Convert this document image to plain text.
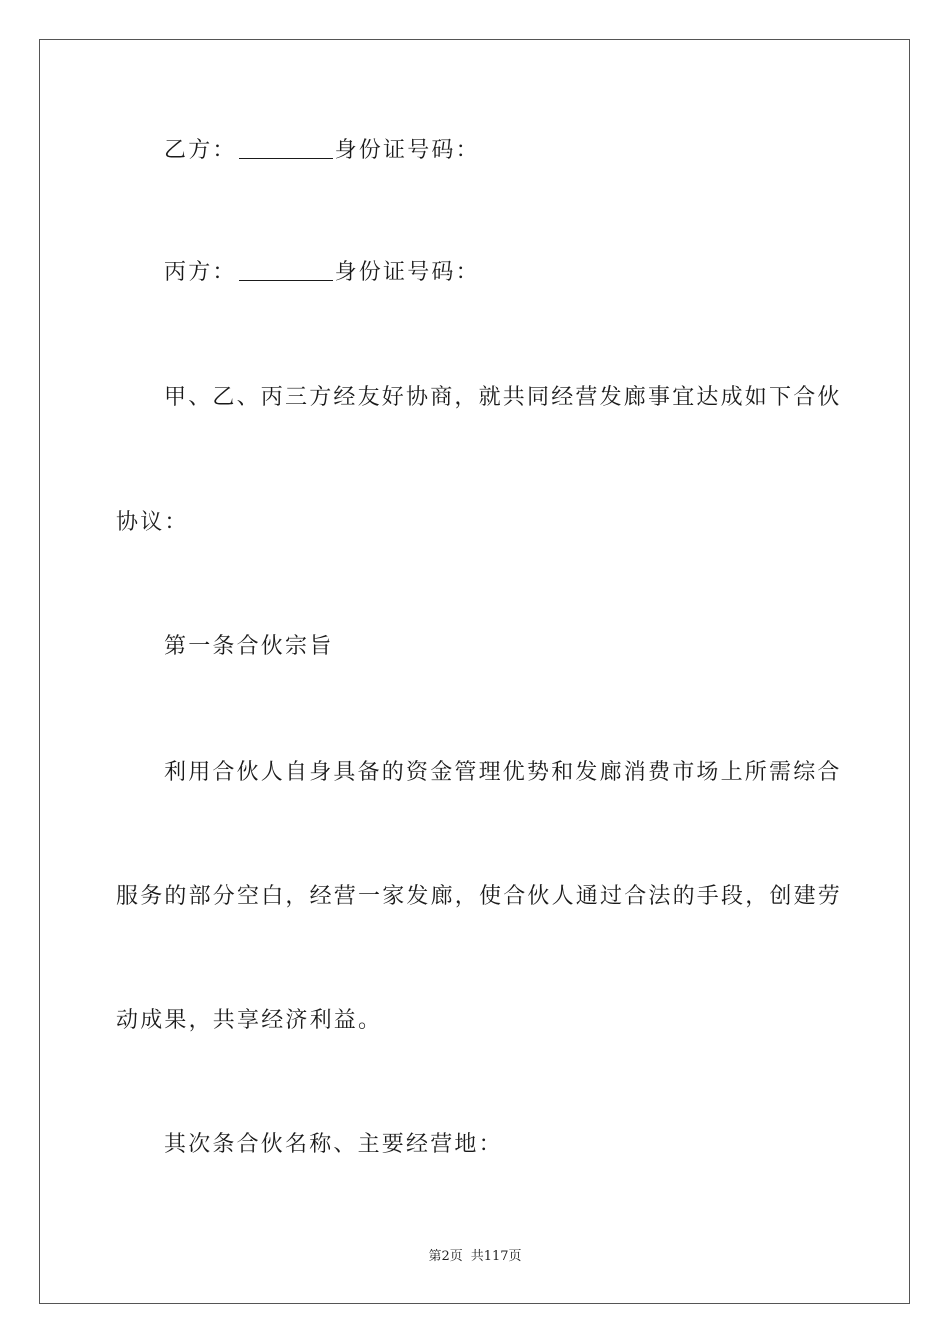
乙方：	身份证号码：
丙方：	身份证号码：
甲、乙、丙三方经友好协商，就共同经营发廊事宜达成如下合伙
协议：
第一条合伙宗旨
利用合伙人自身具备的资金管理优势和发廊消费市场上所需综合
服务的部分空白，经营一家发廊，使合伙人通过合法的手段，创建劳
动成果，共享经济利益。
其次条合伙名称、主要经营地：
第2页 共117页
